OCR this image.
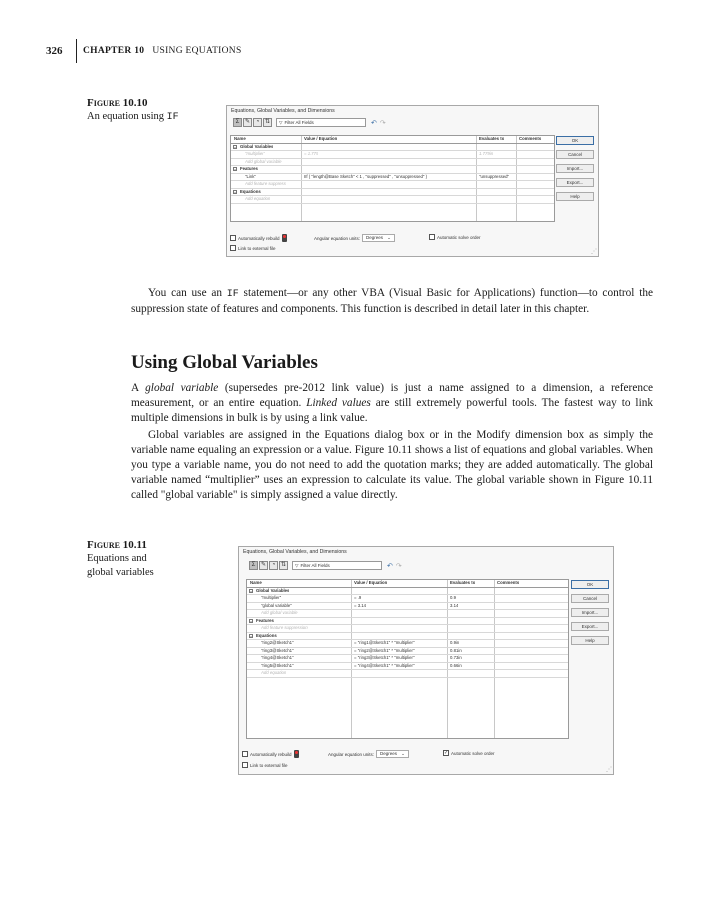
326	CHAPTER 10 USING EQUATIONS
Figure 10.10
An equation using IF
Equations, Global Variables, and Dimensions
Σ ✎ ◔ ⇅	▽ Filter All Fields	↶ ↷
Name	Value / Equation	Evaluates to	Comments
− Global Variables
"multiplier"	= 1.779	1.779in
Add global variable
− Features
"Link"	IIf ( "length@Base Sketch" < 1 , "suppressed" , "unsuppressed" )	"unsuppressed"
Add feature suppress
− Equations
Add equation
OK
Cancel
Import...
Export...
Help
Automatically rebuild	Angular equation units: Degrees ⌄	Automatic solve order
Link to external file
⋰
You can use an IF statement—or any other VBA (Visual Basic for Applications) function—to control the suppression state of features and components. This function is described in detail later in this chapter.
Using Global Variables
A global variable (supersedes pre-2012 link value) is just a name assigned to a dimension, a reference measurement, or an entire equation. Linked values are still extremely powerful tools. The fastest way to link multiple dimensions in bulk is by using a link value.
Global variables are assigned in the Equations dialog box or in the Modify dimension box as simply the variable name equaling an expression or a value. Figure 10.11 shows a list of equations and global variables. When you type a variable name, you do not need to add the quotation marks; they are added automatically. The global variable named “multiplier” uses an expression to calculate its value. The global variable shown in Figure 10.11 called "global variable" is simply assigned a value directly.
Figure 10.11
Equations and global variables
Equations, Global Variables, and Dimensions
Σ ✎ ◔ ⇅	▽ Filter All Fields	↶ ↷
Name	Value / Equation	Evaluates to	Comments
− Global Variables
"multiplier"	= .9	0.9
"global variable"	= 3.14	3.14
Add global variable
− Features
Add feature suppression
− Equations
"ring2@Sketch1"	= "ring1@Sketch1" * "multiplier"	0.9in
"ring3@Sketch1"	= "ring2@Sketch1" * "multiplier"	0.81in
"ring4@Sketch1"	= "ring3@Sketch1" * "multiplier"	0.73in
"ring5@Sketch1"	= "ring4@Sketch1" * "multiplier"	0.66in
Add equation
OK
Cancel
Import...
Export...
Help
Automatically rebuild	Angular equation units: Degrees ⌄	✓ Automatic solve order
Link to external file
⋰
